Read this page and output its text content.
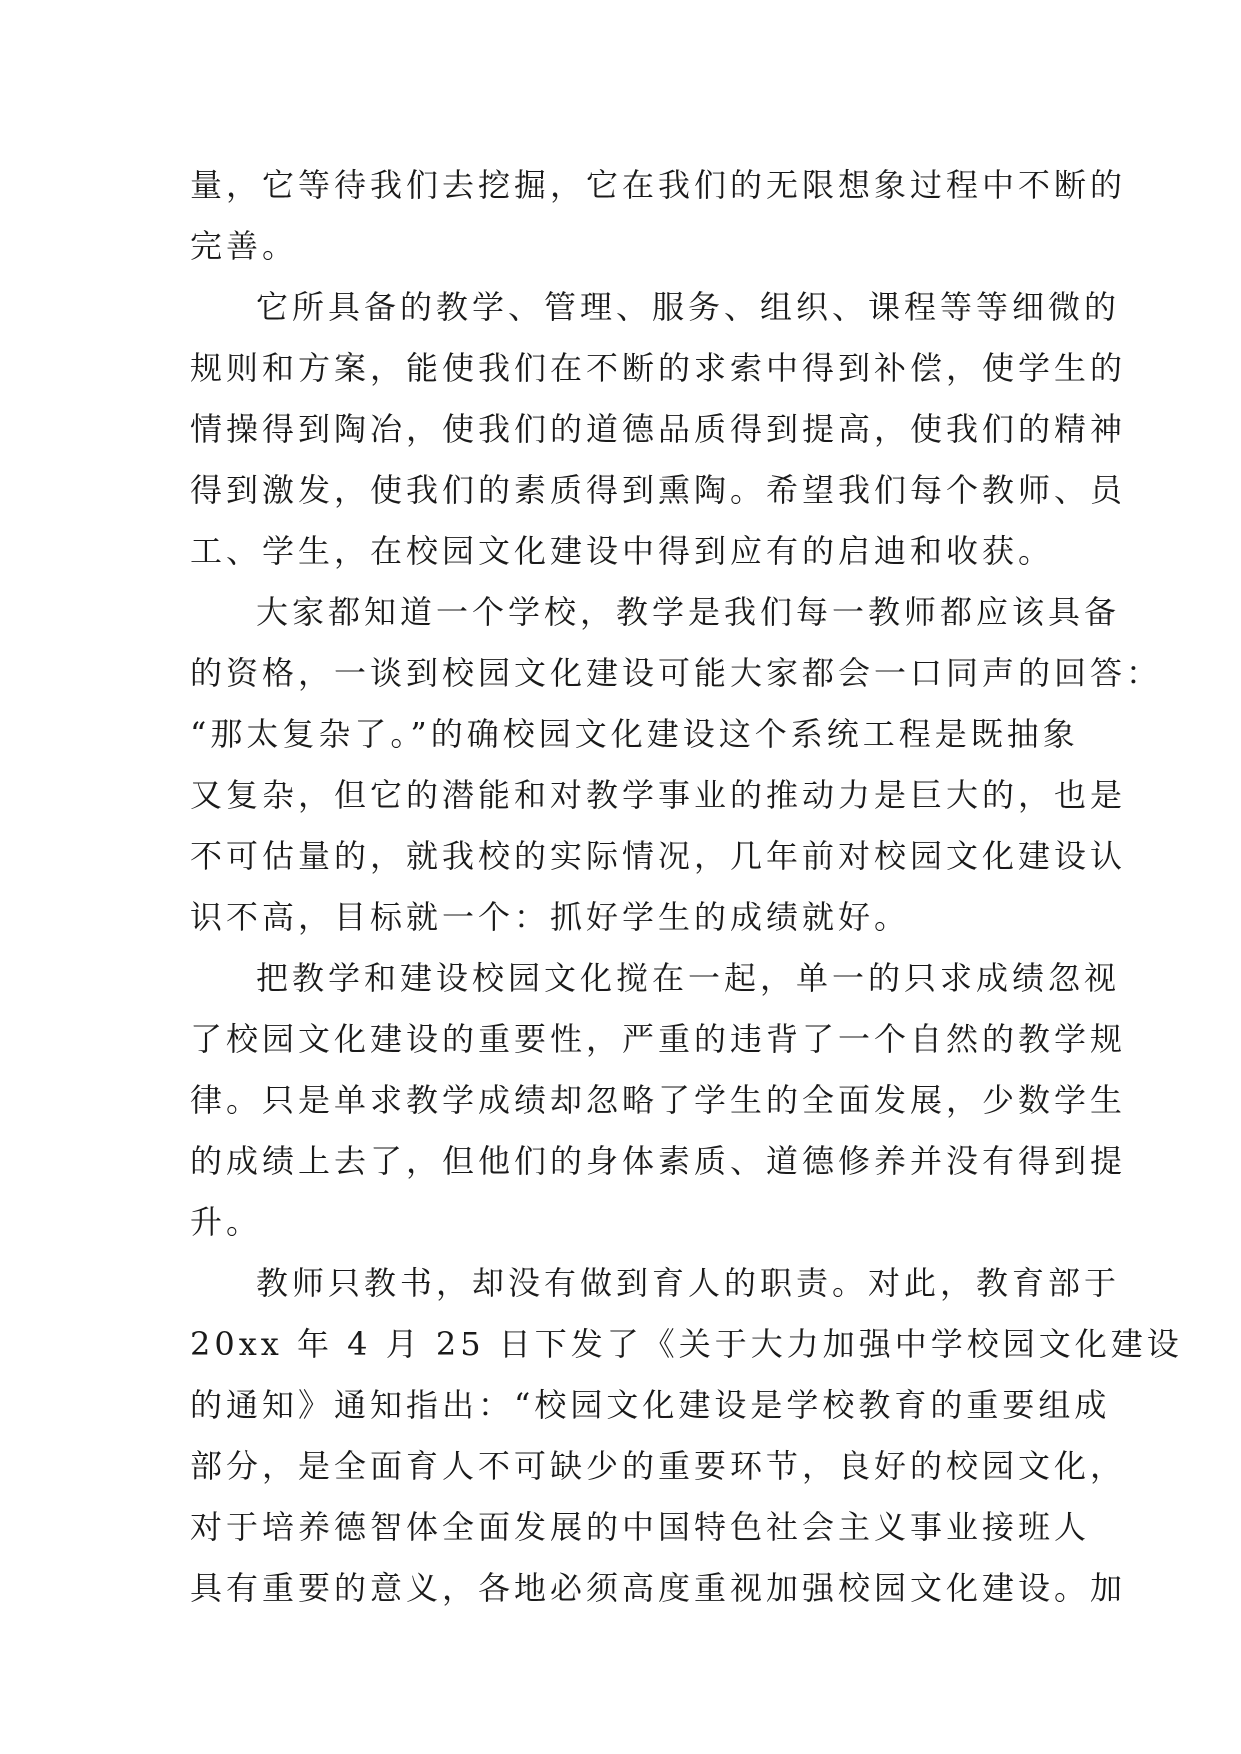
量，它等待我们去挖掘，它在我们的无限想象过程中不断的
完善。
它所具备的教学、管理、服务、组织、课程等等细微的
规则和方案，能使我们在不断的求索中得到补偿，使学生的
情操得到陶冶，使我们的道德品质得到提高，使我们的精神
得到激发，使我们的素质得到熏陶。希望我们每个教师、员
工、学生，在校园文化建设中得到应有的启迪和收获。
大家都知道一个学校，教学是我们每一教师都应该具备
的资格，一谈到校园文化建设可能大家都会一口同声的回答：
“那太复杂了。”的确校园文化建设这个系统工程是既抽象
又复杂，但它的潜能和对教学事业的推动力是巨大的，也是
不可估量的，就我校的实际情况，几年前对校园文化建设认
识不高，目标就一个：抓好学生的成绩就好。
把教学和建设校园文化搅在一起，单一的只求成绩忽视
了校园文化建设的重要性，严重的违背了一个自然的教学规
律。只是单求教学成绩却忽略了学生的全面发展，少数学生
的成绩上去了，但他们的身体素质、道德修养并没有得到提
升。
教师只教书，却没有做到育人的职责。对此，教育部于
20xx 年 4 月 25 日下发了《关于大力加强中学校园文化建设
的通知》通知指出：“校园文化建设是学校教育的重要组成
部分，是全面育人不可缺少的重要环节，良好的校园文化，
对于培养德智体全面发展的中国特色社会主义事业接班人
具有重要的意义，各地必须高度重视加强校园文化建设。加
